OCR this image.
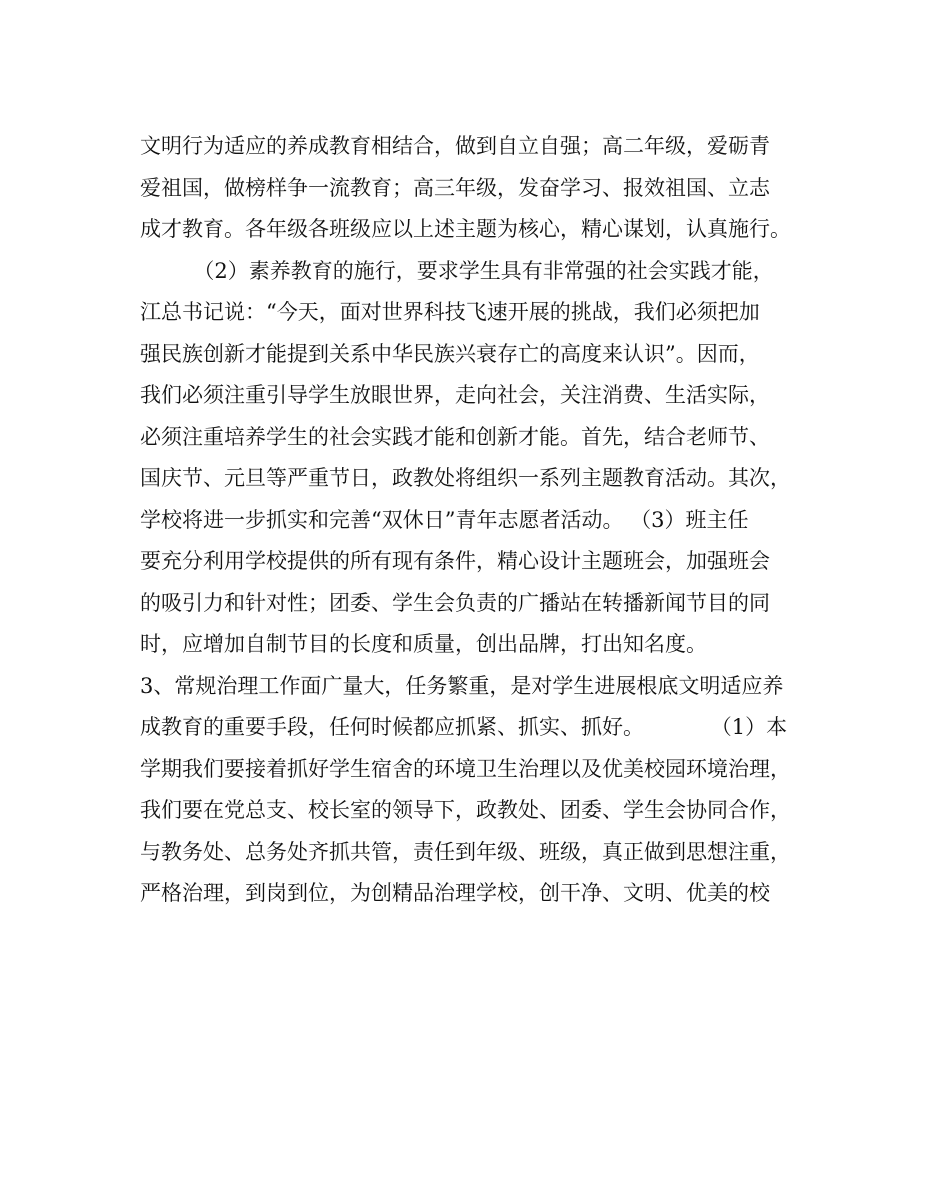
文明行为适应的养成教育相结合，做到自立自强；高二年级，爱砺青
爱祖国，做榜样争一流教育；高三年级，发奋学习、报效祖国、立志
成才教育。各年级各班级应以上述主题为核心，精心谋划，认真施行。
（2）素养教育的施行，要求学生具有非常强的社会实践才能，
江总书记说：“今天，面对世界科技飞速开展的挑战，我们必须把加
强民族创新才能提到关系中华民族兴衰存亡的高度来认识”。因而，
我们必须注重引导学生放眼世界，走向社会，关注消费、生活实际，
必须注重培养学生的社会实践才能和创新才能。首先，结合老师节、
国庆节、元旦等严重节日，政教处将组织一系列主题教育活动。其次，
学校将进一步抓实和完善“双休日”青年志愿者活动。 （3）班主任
要充分利用学校提供的所有现有条件，精心设计主题班会，加强班会
的吸引力和针对性；团委、学生会负责的广播站在转播新闻节目的同
时，应增加自制节目的长度和质量，创出品牌，打出知名度。
3、常规治理工作面广量大，任务繁重，是对学生进展根底文明适应养
成教育的重要手段，任何时候都应抓紧、抓实、抓好。          （1）本
学期我们要接着抓好学生宿舍的环境卫生治理以及优美校园环境治理，
我们要在党总支、校长室的领导下，政教处、团委、学生会协同合作，
与教务处、总务处齐抓共管，责任到年级、班级，真正做到思想注重，
严格治理，到岗到位，为创精品治理学校，创干净、文明、优美的校
